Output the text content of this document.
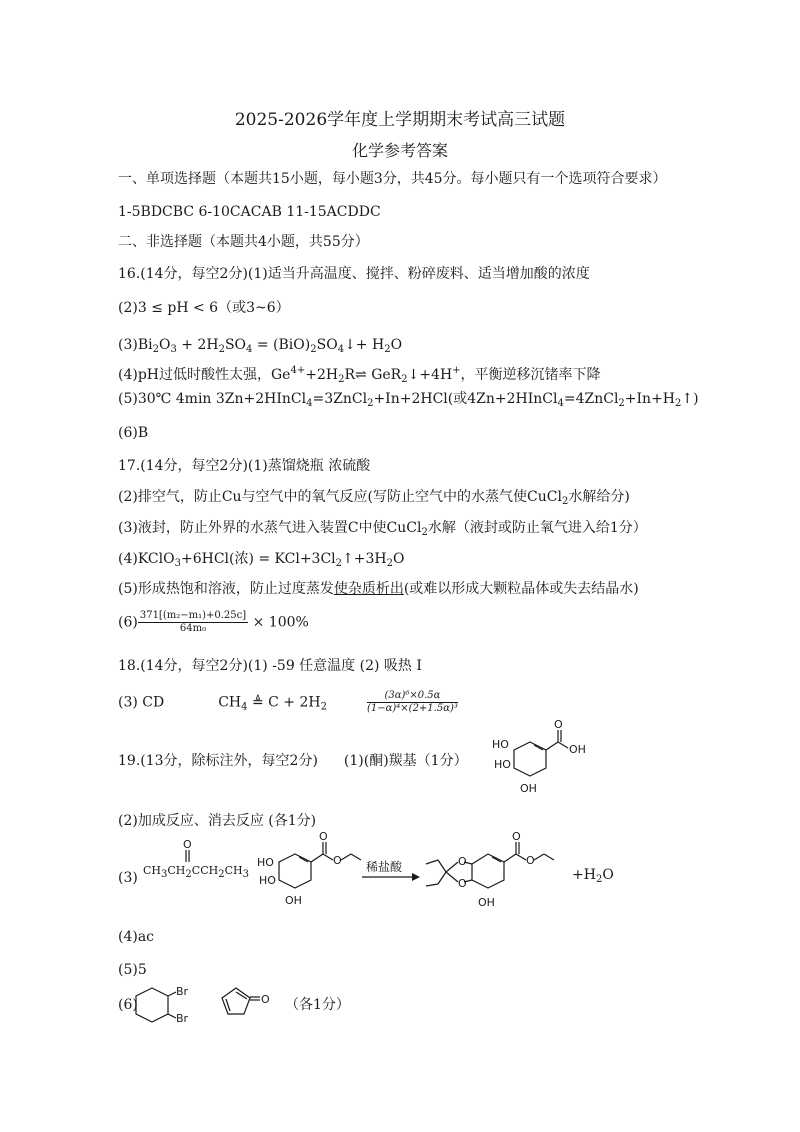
2025-2026学年度上学期期末考试高三试题
化学参考答案
一、单项选择题（本题共15小题，每小题3分，共45分。每小题只有一个选项符合要求）
1-5BDCBC 6-10CACAB 11-15ACDDC
二、非选择题（本题共4小题，共55分）
16.(14分，每空2分)(1)适当升高温度、搅拌、粉碎废料、适当增加酸的浓度
(2)3 ≤ pH < 6（或3~6）
$(3)Bi_2O_3 + 2H_2SO_4$ = $(BiO)_2SO_4↓+ H_2O$
(4)pH过低时酸性太强，$Ge^{4+}+2H_2R\rightleftharpoons$ GeR$_2$↓+4H+，平衡逆移沉锗率下降
(5)30℃ 4min 3Zn+2HInCl$_4$=3ZnCl$_2$+In+2HCl(或$4Zn+2HInCl_4=4ZnCl_2+In+H_2↑$)
(6)B
17.(14分，每空2分)(1)蒸馏烧瓶 浓硫酸
(2)排空气，防止Cu与空气中的氧气反应(写防止空气中的水蒸气使CuCl$_2$水解给分)
(3)液封，防止外界的水蒸气进入装置C中使CuCl$_2$水解（液封或防止氧气进入给1分）
(4)KClO$_3$+6HCl(浓) = $KCl+3Cl_2↑+3H_2O$
(5)形成热饱和溶液，防止过度蒸发使杂质析出(或难以形成大颗粒晶体或失去结晶水)
$(6) \frac{\text{371[(m₂−m₁)+0.25c]}}{\text{64m₀}} \times 100\%$
18.(14分，每空2分)(1) -59 任意温度 (2) 吸热 I
(3) CD	$CH_4$ ≜ $C + 2H_2$	$\frac{\text{(3α)⁶×0.5α}}{\text{(1−α)⁴×(2+1.5α)³}}$
19.(13分，除标注外，每空2分) (1)(酮)羰基（1分）
O
OH
HO
HO
OH
(2)加成反应、消去反应 (各1分)
(3) $CH_3CH_2CCH_2CH_3$
O
O
O
HO
HO
OH
稀盐酸	O
O
O
O
OH
$+H_2O$
(4)ac
(5)5
(6)
Br
Br
O （各1分）
